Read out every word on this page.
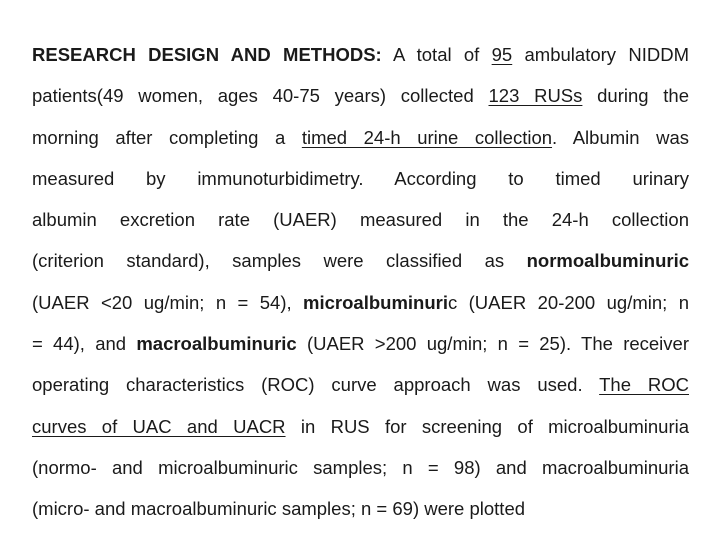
RESEARCH DESIGN AND METHODS: A total of 95 ambulatory NIDDM
patients(49 women, ages 40-75 years) collected 123 RUSs during the
morning after completing a timed 24-h urine collection. Albumin was
measured by immunoturbidimetry. According to timed urinary
albumin excretion rate (UAER) measured in the 24-h collection
(criterion standard), samples were classified as normoalbuminuric
(UAER <20 ug/min; n = 54), microalbuminuric (UAER 20-200 ug/min; n
= 44), and macroalbuminuric (UAER >200 ug/min; n = 25). The receiver
operating characteristics (ROC) curve approach was used. The ROC
curves of UAC and UACR in RUS for screening of microalbuminuria
(normo- and microalbuminuric samples; n = 98) and macroalbuminuria
(micro- and macroalbuminuric samples; n = 69) were plotted
